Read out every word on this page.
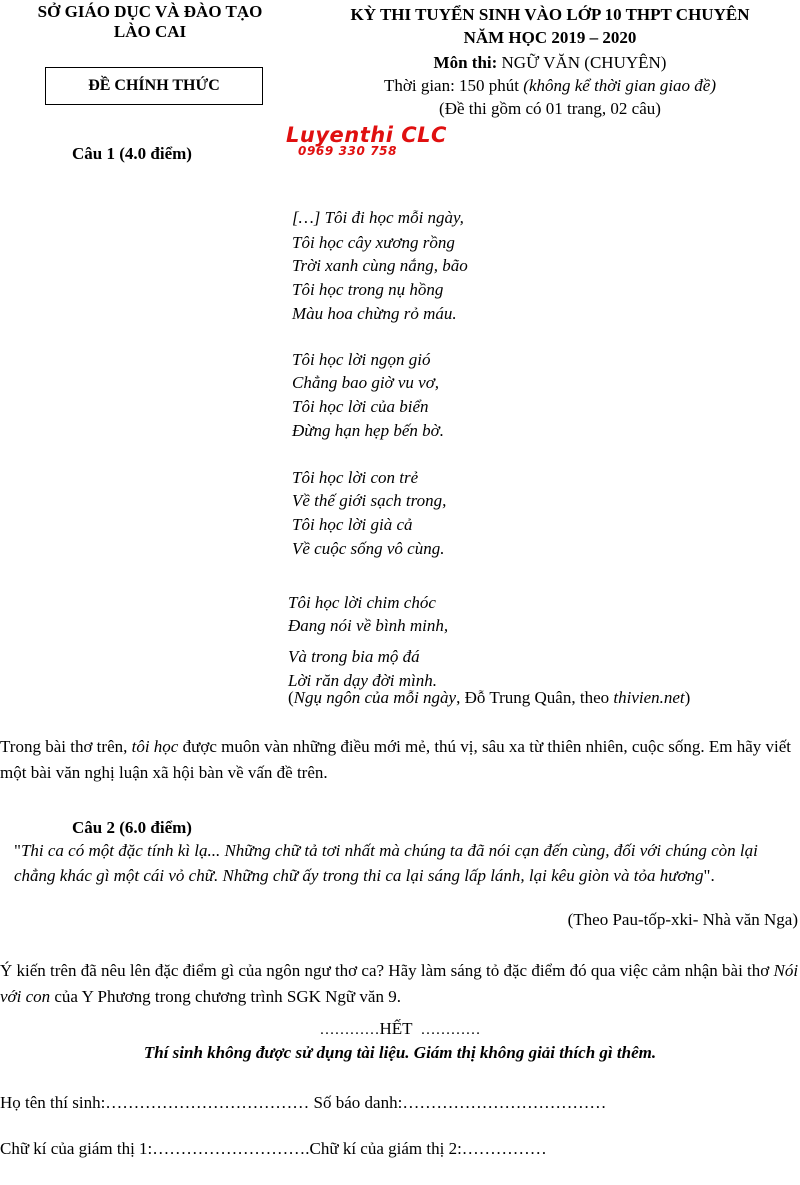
SỞ GIÁO DỤC VÀ ĐÀO TẠO
LÀO CAI
ĐỀ CHÍNH THỨC
KỲ THI TUYỂN SINH VÀO LỚP 10 THPT CHUYÊN
NĂM HỌC 2019 – 2020
Môn thi: NGỮ VĂN (CHUYÊN)
Thời gian: 150 phút (không kể thời gian giao đề)
(Đề thi gồm có 01 trang, 02 câu)
Luyenthi CLC
0969 330 758
Câu 1 (4.0 điểm)
[…] Tôi đi học mỗi ngày,
Tôi học cây xương rồng
Trời xanh cùng nắng, bão
Tôi học trong nụ hồng
Màu hoa chừng rỏ máu.
Tôi học lời ngọn gió
Chẳng bao giờ vu vơ,
Tôi học lời của biển
Đừng hạn hẹp bến bờ.
Tôi học lời con trẻ
Về thế giới sạch trong,
Tôi học lời già cả
Về cuộc sống vô cùng.
Tôi học lời chim chóc
Đang nói về bình minh,
Và trong bia mộ đá
Lời răn dạy đời mình.
(Ngụ ngôn của mỗi ngày, Đỗ Trung Quân, theo thivien.net)
Trong bài thơ trên, tôi học được muôn vàn những điều mới mẻ, thú vị, sâu xa từ thiên nhiên, cuộc sống. Em hãy viết một bài văn nghị luận xã hội bàn về vấn đề trên.
Câu 2 (6.0 điểm)
"Thi ca có một đặc tính kì lạ... Những chữ tả tơi nhất mà chúng ta đã nói cạn đến cùng, đối với chúng còn lại chẳng khác gì một cái vỏ chữ. Những chữ ấy trong thi ca lại sáng lấp lánh, lại kêu giòn và tỏa hương".
(Theo Pau-tốp-xki- Nhà văn Nga)
Ý kiến trên đã nêu lên đặc điểm gì của ngôn ngư thơ ca? Hãy làm sáng tỏ đặc điểm đó qua việc cảm nhận bài thơ Nói với con của Y Phương trong chương trình SGK Ngữ văn 9.
…………HẾT …………
Thí sinh không được sử dụng tài liệu. Giám thị không giải thích gì thêm.
Họ tên thí sinh:……………………………… Số báo danh:………………………………
Chữ kí của giám thị 1:……………………….Chữ kí của giám thị 2:……………
